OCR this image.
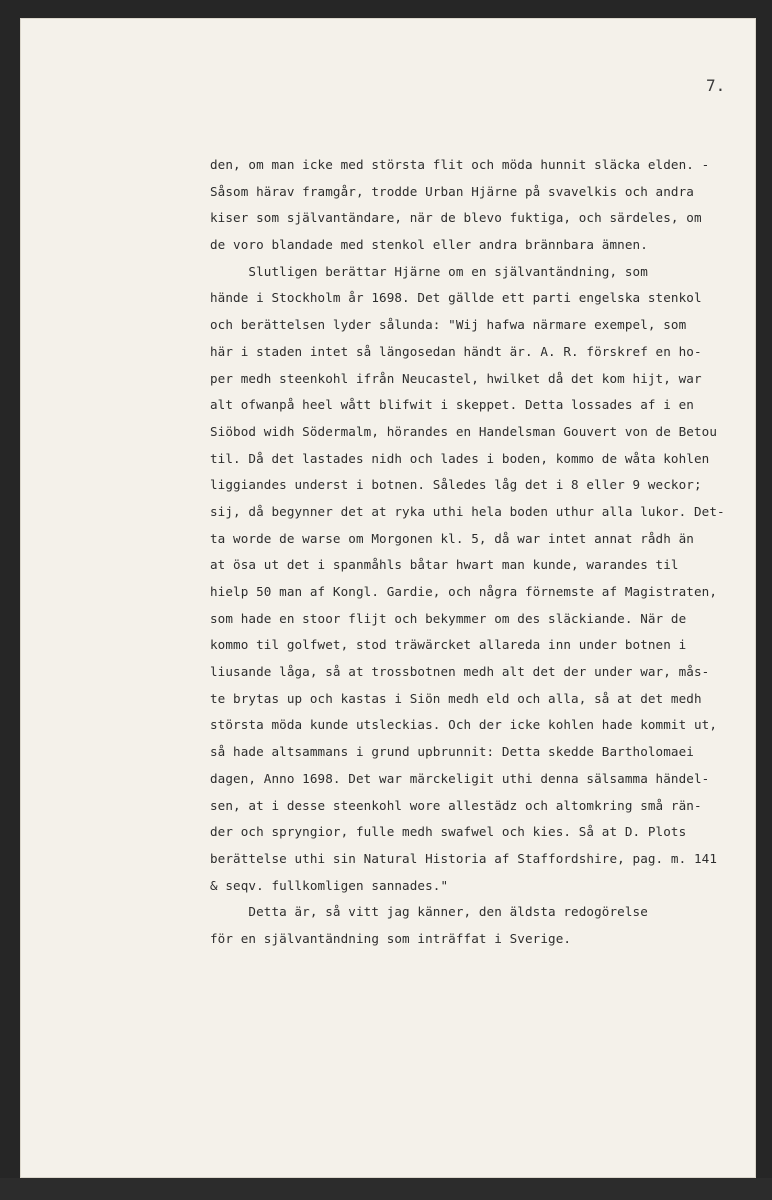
7.

den, om man icke med största flit och möda hunnit släcka elden. -
Såsom härav framgår, trodde Urban Hjärne på svavelkis och andra
kiser som självantändare, när de blevo fuktiga, och särdeles, om
de voro blandade med stenkol eller andra brännbara ämnen.
Slutligen berättar Hjärne om en självantändning, som
hände i Stockholm år 1698. Det gällde ett parti engelska stenkol
och berättelsen lyder sålunda: "Wij hafwa närmare exempel, som
här i staden intet så längosedan händt är. A. R. förskref en ho-
per medh steenkohl ifrån Neucastel, hwilket då det kom hijt, war
alt ofwanpå heel wått blifwit i skeppet. Detta lossades af i en
Siöbod widh Södermalm, hörandes en Handelsman Gouvert von de Betou
til. Då det lastades nidh och lades i boden, kommo de wåta kohlen
liggiandes underst i botnen. Således låg det i 8 eller 9 weckor;
sij, då begynner det at ryka uthi hela boden uthur alla lukor. Det-
ta worde de warse om Morgonen kl. 5, då war intet annat rådh än
at ösa ut det i spanmåhls båtar hwart man kunde, warandes til
hielp 50 man af Kongl. Gardie, och några förnemste af Magistraten,
som hade en stoor flijt och bekymmer om des släckiande. När de
kommo til golfwet, stod träwärcket allareda inn under botnen i
liusande låga, så at trossbotnen medh alt det der under war, mås-
te brytas up och kastas i Siön medh eld och alla, så at det medh
största möda kunde utsleckias. Och der icke kohlen hade kommit ut,
så hade altsammans i grund upbrunnit: Detta skedde Bartholomaei
dagen, Anno 1698. Det war märckeligit uthi denna sälsamma händel-
sen, at i desse steenkohl wore allestädz och altomkring små rän-
der och spryngior, fulle medh swafwel och kies. Så at D. Plots
berättelse uthi sin Natural Historia af Staffordshire, pag. m. 141
& seqv. fullkomligen sannades."
Detta är, så vitt jag känner, den äldsta redogörelse
för en självantändning som inträffat i Sverige.
